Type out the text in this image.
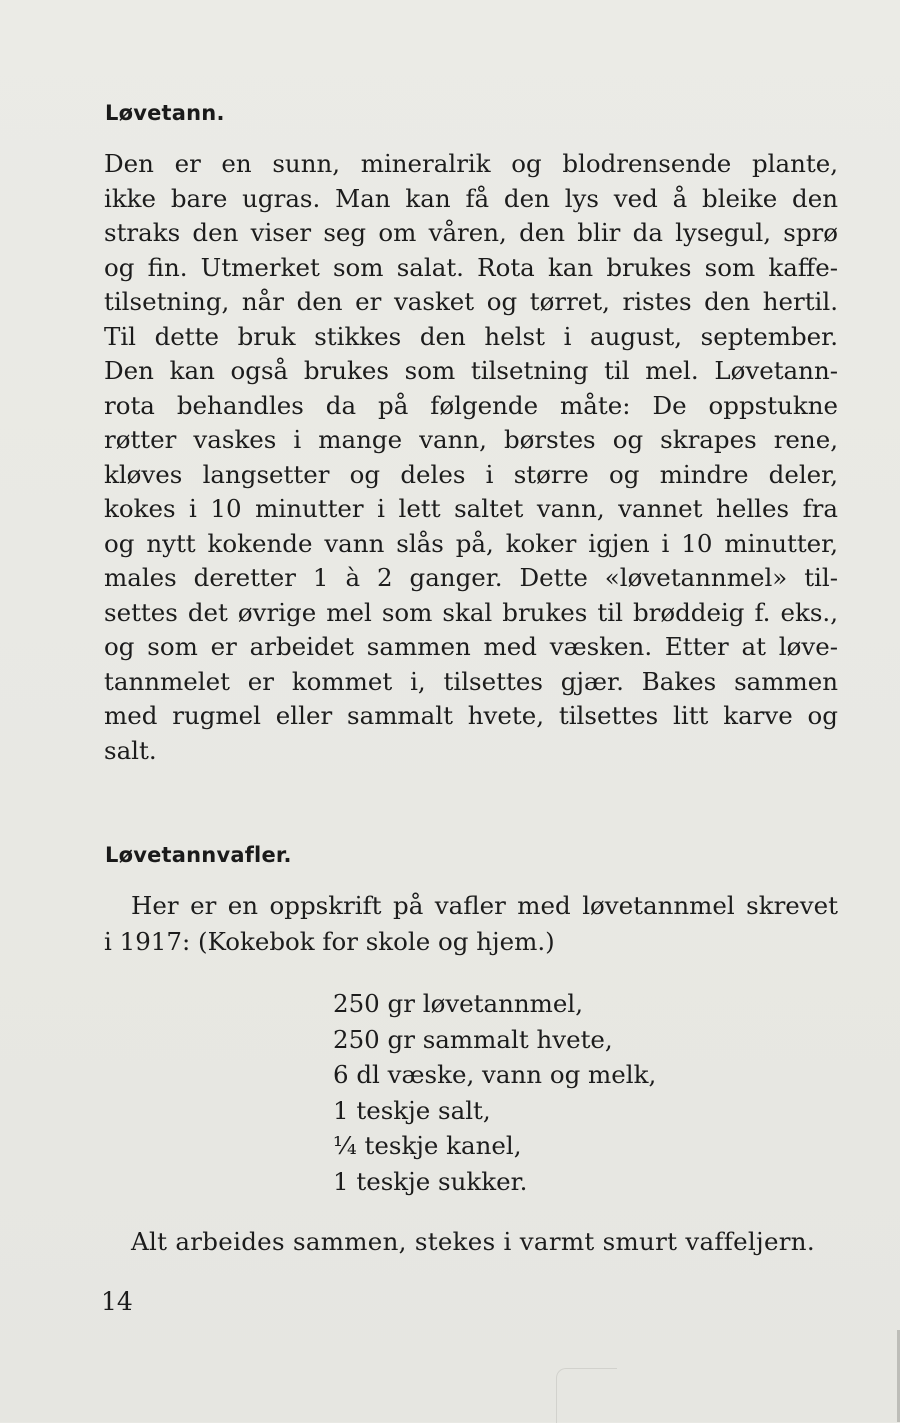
Løvetann.
Den er en sunn, mineralrik og blodrensende plante,
ikke bare ugras. Man kan få den lys ved å bleike den
straks den viser seg om våren, den blir da lysegul, sprø
og fin. Utmerket som salat. Rota kan brukes som kaffe-
tilsetning, når den er vasket og tørret, ristes den hertil.
Til dette bruk stikkes den helst i august, september.
Den kan også brukes som tilsetning til mel. Løvetann-
rota behandles da på følgende måte: De oppstukne
røtter vaskes i mange vann, børstes og skrapes rene,
kløves langsetter og deles i større og mindre deler,
kokes i 10 minutter i lett saltet vann, vannet helles fra
og nytt kokende vann slås på, koker igjen i 10 minutter,
males deretter 1 à 2 ganger. Dette «løvetannmel» til-
settes det øvrige mel som skal brukes til brøddeig f. eks.,
og som er arbeidet sammen med væsken. Etter at løve-
tannmelet er kommet i, tilsettes gjær. Bakes sammen
med rugmel eller sammalt hvete, tilsettes litt karve og
salt.
Løvetannvafler.
Her er en oppskrift på vafler med løvetannmel skrevet
i 1917: (Kokebok for skole og hjem.)
250 gr løvetannmel,
250 gr sammalt hvete,
6 dl væske, vann og melk,
1 teskje salt,
¼ teskje kanel,
1 teskje sukker.
Alt arbeides sammen, stekes i varmt smurt vaffeljern.
14
